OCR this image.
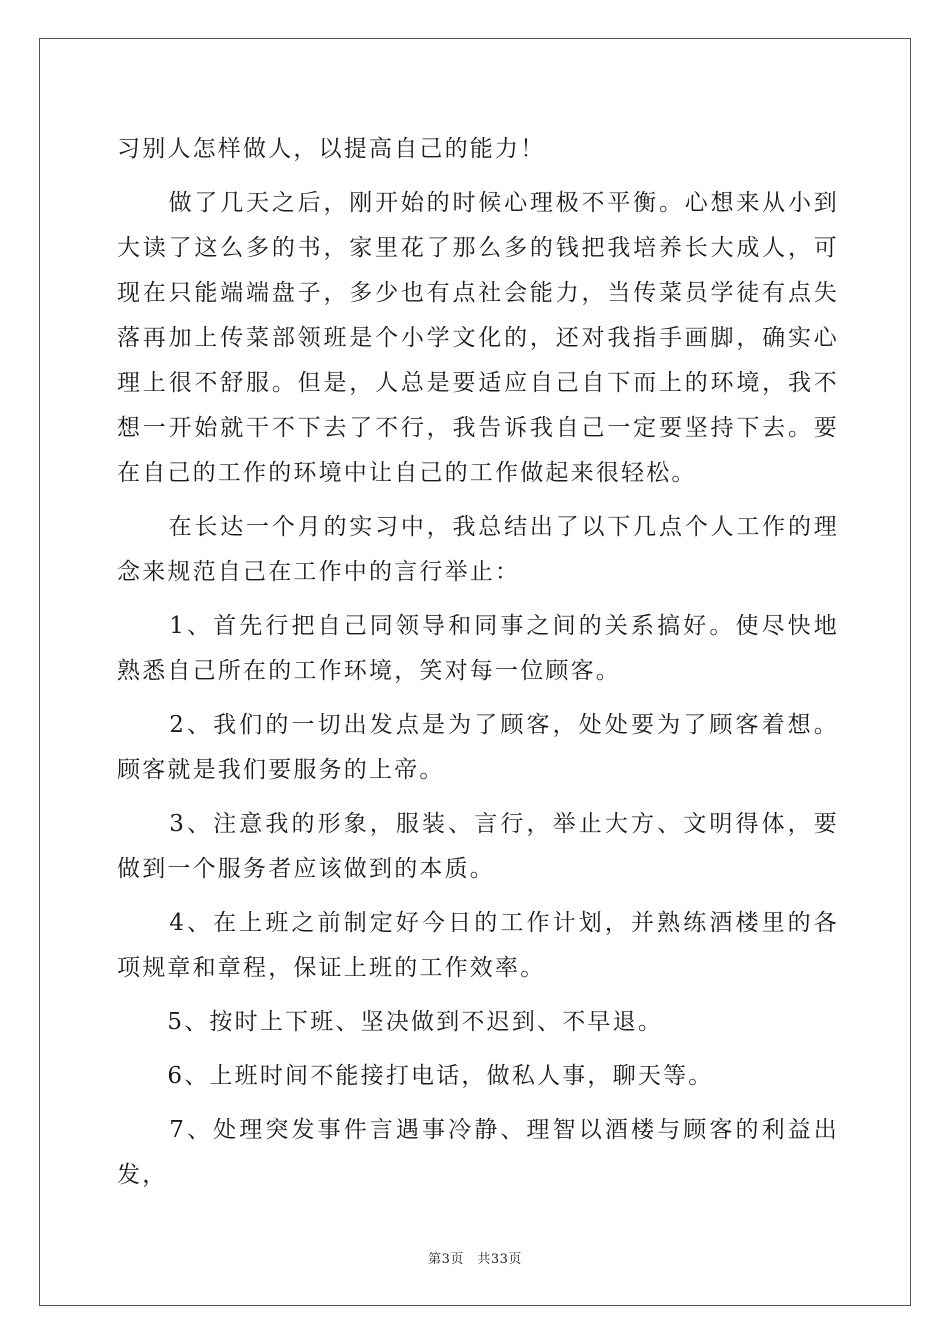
习别人怎样做人，以提高自己的能力！

　　做了几天之后，刚开始的时候心理极不平衡。心想来从小到大读了这么多的书，家里花了那么多的钱把我培养长大成人，可现在只能端端盘子，多少也有点社会能力，当传菜员学徒有点失落再加上传菜部领班是个小学文化的，还对我指手画脚，确实心理上很不舒服。但是，人总是要适应自己自下而上的环境，我不想一开始就干不下去了不行，我告诉我自己一定要坚持下去。要在自己的工作的环境中让自己的工作做起来很轻松。

　　在长达一个月的实习中，我总结出了以下几点个人工作的理念来规范自己在工作中的言行举止：

　　1、首先行把自己同领导和同事之间的关系搞好。使尽快地熟悉自己所在的工作环境，笑对每一位顾客。

　　2、我们的一切出发点是为了顾客，处处要为了顾客着想。顾客就是我们要服务的上帝。

　　3、注意我的形象，服装、言行，举止大方、文明得体，要做到一个服务者应该做到的本质。

　　4、在上班之前制定好今日的工作计划，并熟练酒楼里的各项规章和章程，保证上班的工作效率。

　　5、按时上下班、坚决做到不迟到、不早退。

　　6、上班时间不能接打电话，做私人事，聊天等。

　　7、处理突发事件言遇事冷静、理智以酒楼与顾客的利益出发，

第3页　共33页
